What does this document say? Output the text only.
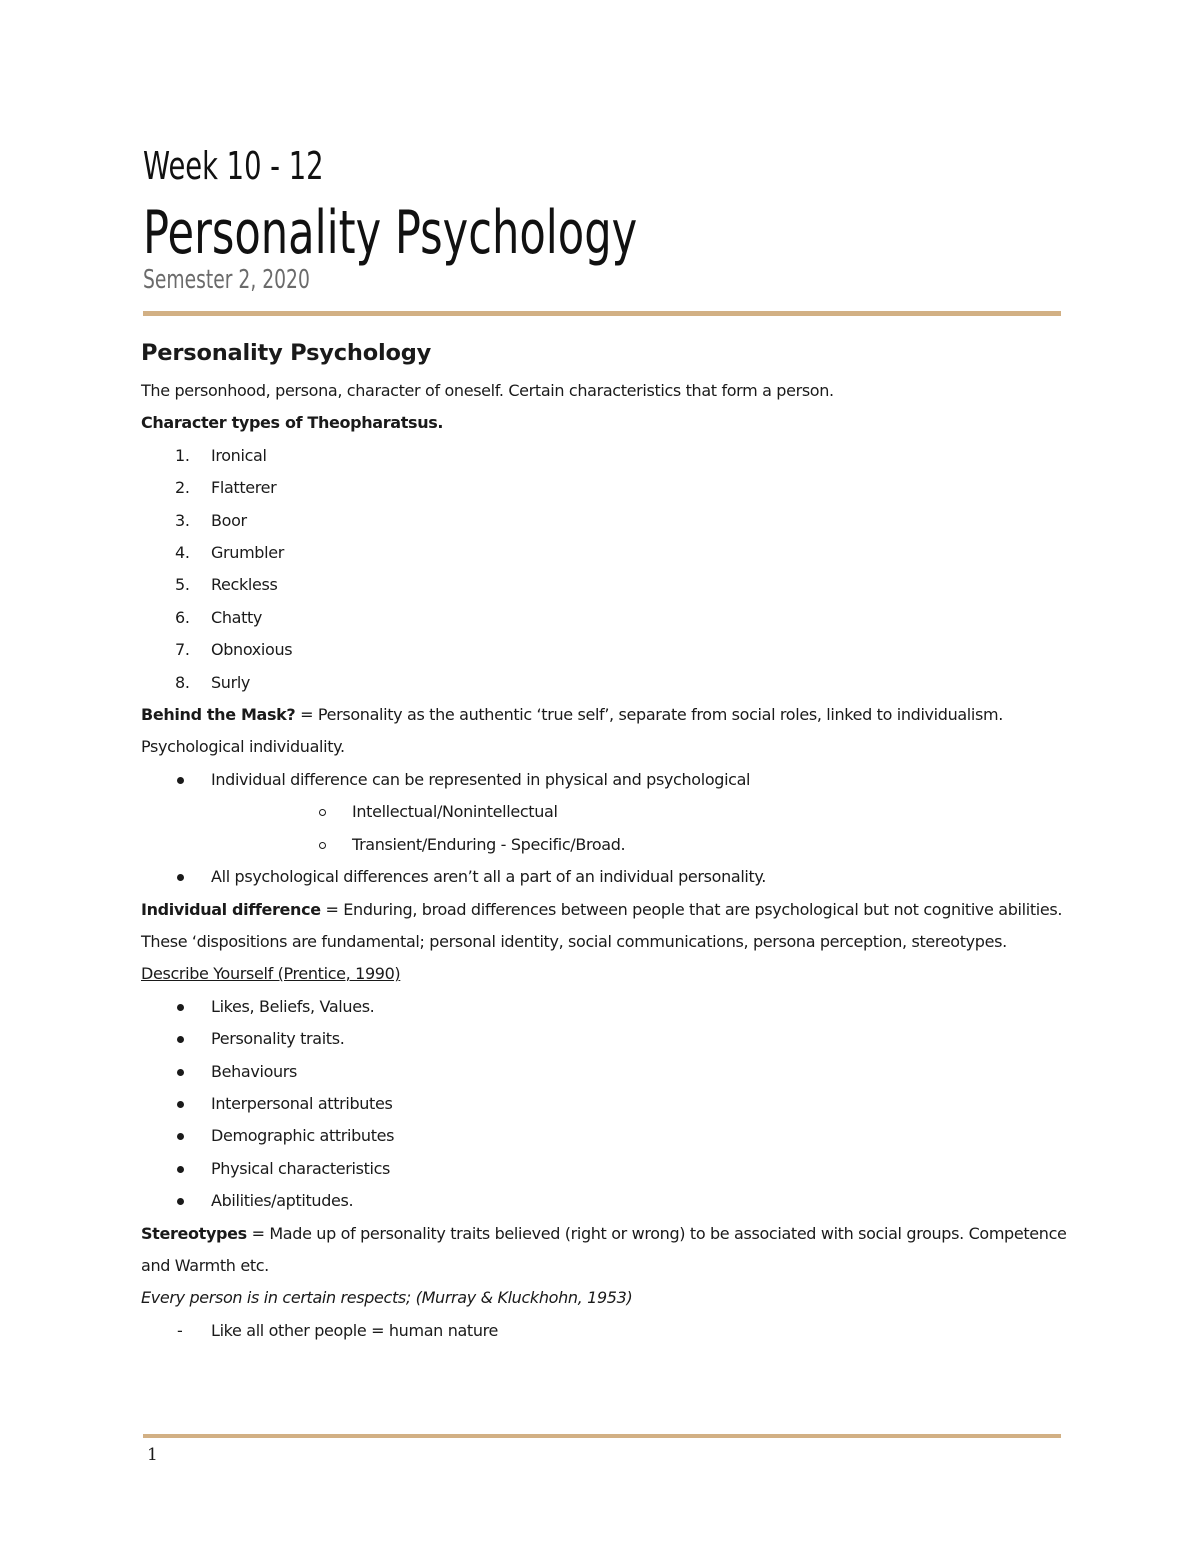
Week 10 - 12
Personality Psychology
Semester 2, 2020
Personality Psychology

The personhood, persona, character of oneself. Certain characteristics that form a person.

Character types of Theopharatsus.

1. Ironical
2. Flatterer
3. Boor
4. Grumbler
5. Reckless
6. Chatty
7. Obnoxious
8. Surly

Behind the Mask? = Personality as the authentic ‘true self’, separate from social roles, linked to individualism. Psychological individuality.

Individual difference can be represented in physical and psychological
Intellectual/Nonintellectual
Transient/Enduring - Specific/Broad.
All psychological differences aren’t all a part of an individual personality.

Individual difference = Enduring, broad differences between people that are psychological but not cognitive abilities. These ‘dispositions are fundamental; personal identity, social communications, persona perception, stereotypes.

Describe Yourself (Prentice, 1990)

Likes, Beliefs, Values.
Personality traits.
Behaviours
Interpersonal attributes
Demographic attributes
Physical characteristics
Abilities/aptitudes.

Stereotypes = Made up of personality traits believed (right or wrong) to be associated with social groups. Competence and Warmth etc.

Every person is in certain respects; (Murray & Kluckhohn, 1953)

- Like all other people = human nature
1
